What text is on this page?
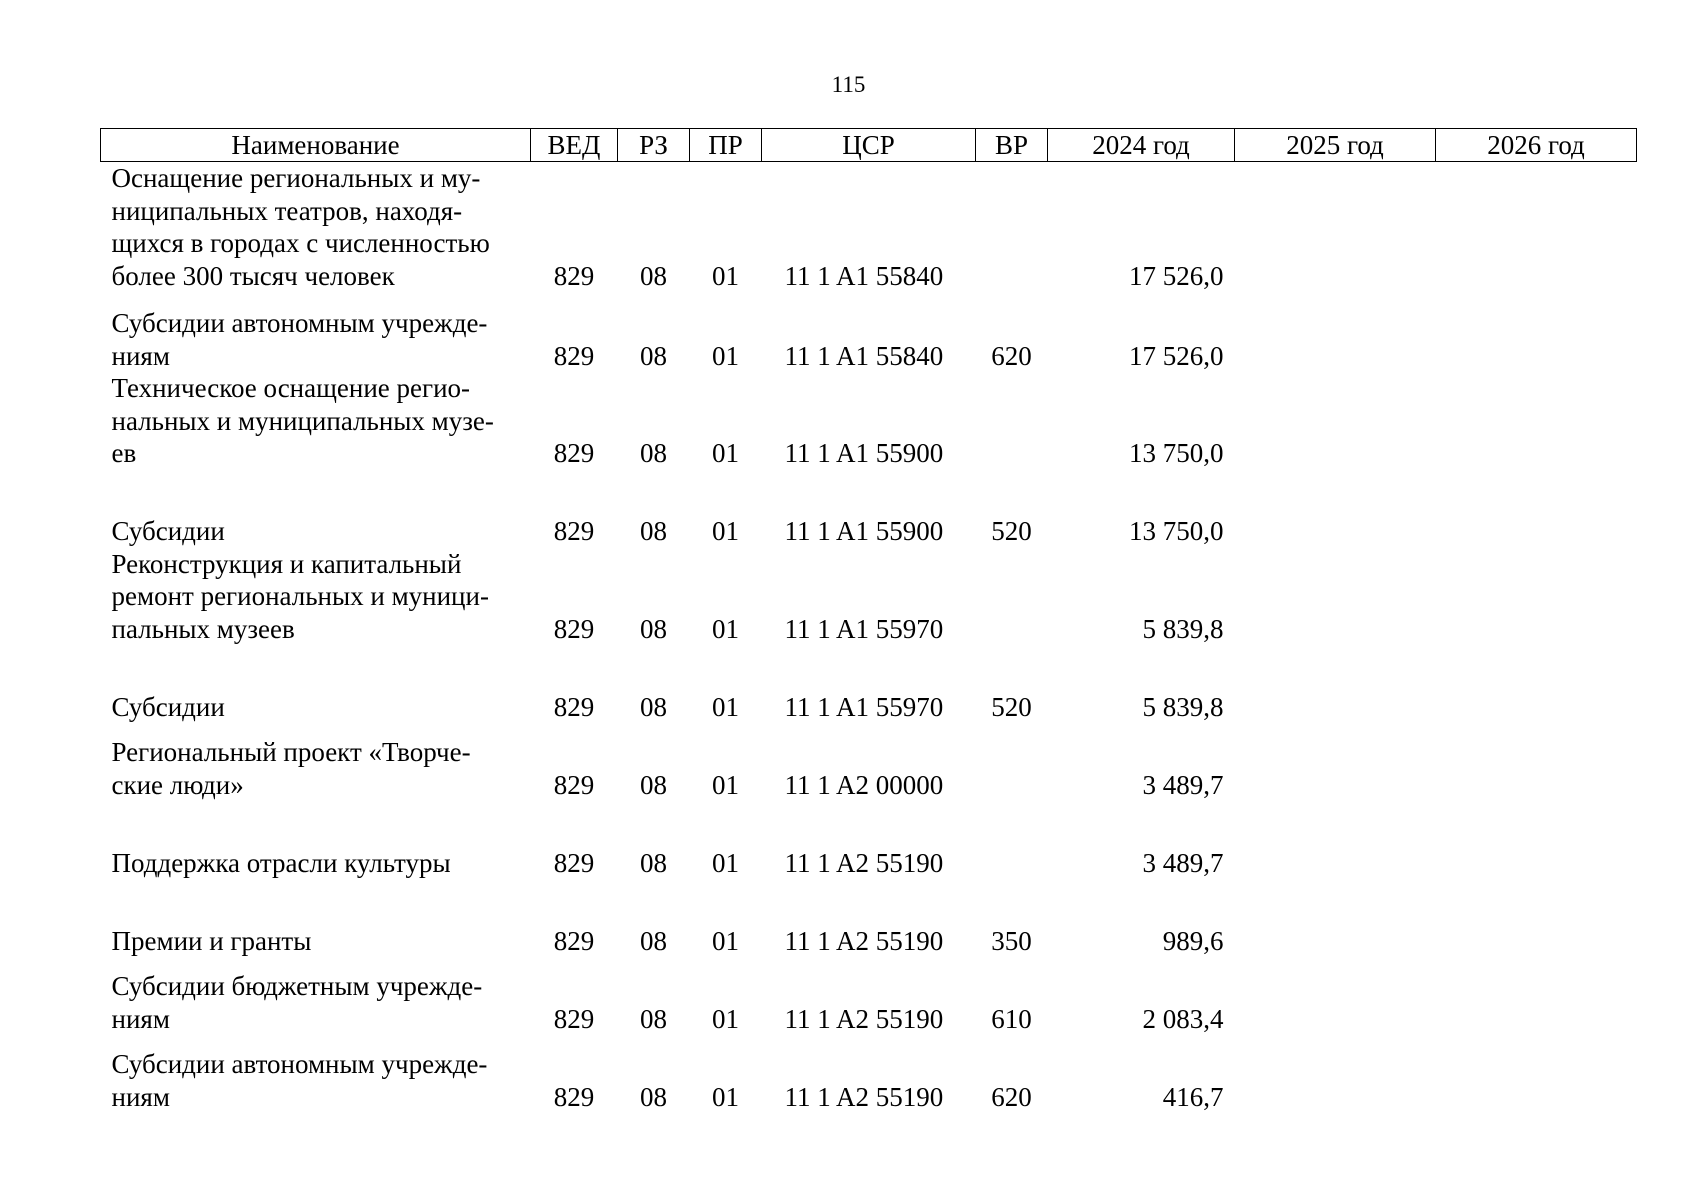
115
Наименование	ВЕД	РЗ	ПР	ЦСР	ВР	2024 год	2025 год	2026 год
Оснащение региональных и му-
ниципальных театров, находя-
щихся в городах с численностью
более 300 тысяч человек	829	08	01	11 1 A1 55840		17 526,0		
Субсидии автономным учрежде-
ниям	829	08	01	11 1 A1 55840	620	17 526,0		
Техническое оснащение регио-
нальных и муниципальных музе-
ев	829	08	01	11 1 A1 55900		13 750,0		
Субсидии	829	08	01	11 1 A1 55900	520	13 750,0		
Реконструкция и капитальный
ремонт региональных и муници-
пальных музеев	829	08	01	11 1 A1 55970		5 839,8		
Субсидии	829	08	01	11 1 A1 55970	520	5 839,8		
Региональный проект «Творче-
ские люди»	829	08	01	11 1 A2 00000		3 489,7		
Поддержка отрасли культуры	829	08	01	11 1 A2 55190		3 489,7		
Премии и гранты	829	08	01	11 1 A2 55190	350	989,6		
Субсидии бюджетным учрежде-
ниям	829	08	01	11 1 A2 55190	610	2 083,4		
Субсидии автономным учрежде-
ниям	829	08	01	11 1 A2 55190	620	416,7		
